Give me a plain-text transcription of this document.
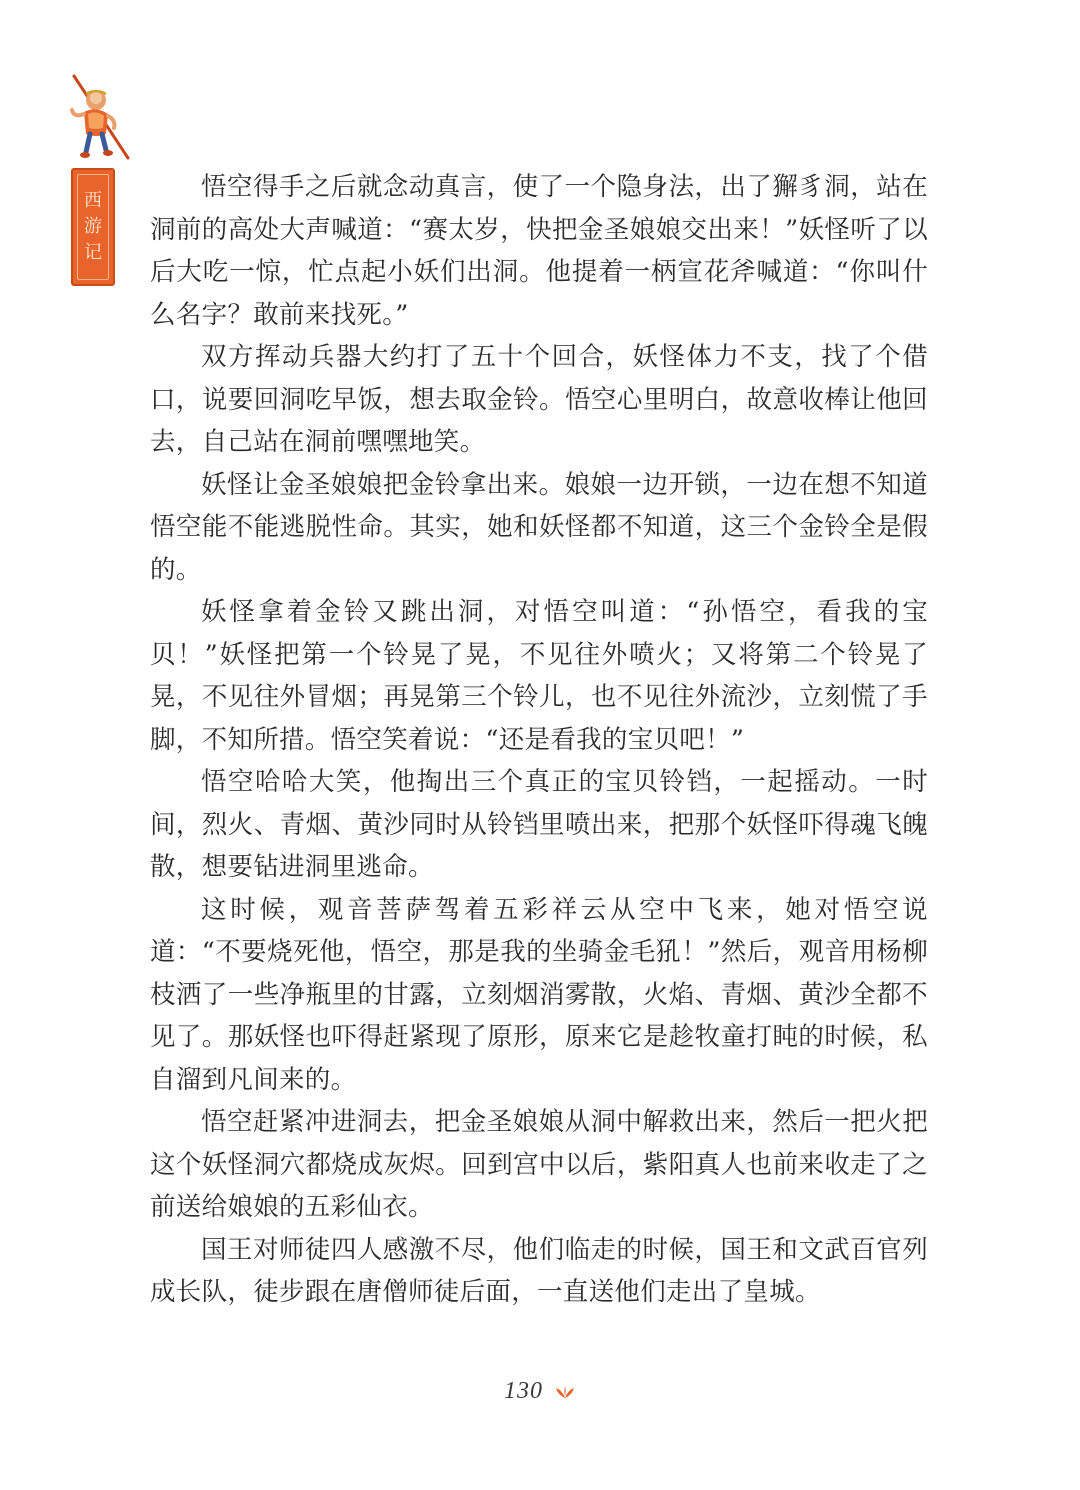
西
游
记

悟空得手之后就念动真言，使了一个隐身法，出了獬豸洞，站在洞前的高处大声喊道：“赛太岁，快把金圣娘娘交出来！”妖怪听了以后大吃一惊，忙点起小妖们出洞。他提着一柄宣花斧喊道：“你叫什么名字？敢前来找死。”

双方挥动兵器大约打了五十个回合，妖怪体力不支，找了个借口，说要回洞吃早饭，想去取金铃。悟空心里明白，故意收棒让他回去，自己站在洞前嘿嘿地笑。

妖怪让金圣娘娘把金铃拿出来。娘娘一边开锁，一边在想不知道悟空能不能逃脱性命。其实，她和妖怪都不知道，这三个金铃全是假的。

妖怪拿着金铃又跳出洞，对悟空叫道：“孙悟空，看我的宝贝！”妖怪把第一个铃晃了晃，不见往外喷火；又将第二个铃晃了晃，不见往外冒烟；再晃第三个铃儿，也不见往外流沙，立刻慌了手脚，不知所措。悟空笑着说：“还是看我的宝贝吧！”

悟空哈哈大笑，他掏出三个真正的宝贝铃铛，一起摇动。一时间，烈火、青烟、黄沙同时从铃铛里喷出来，把那个妖怪吓得魂飞魄散，想要钻进洞里逃命。

这时候，观音菩萨驾着五彩祥云从空中飞来，她对悟空说道：“不要烧死他，悟空，那是我的坐骑金毛犼！”然后，观音用杨柳枝洒了一些净瓶里的甘露，立刻烟消雾散，火焰、青烟、黄沙全都不见了。那妖怪也吓得赶紧现了原形，原来它是趁牧童打盹的时候，私自溜到凡间来的。

悟空赶紧冲进洞去，把金圣娘娘从洞中解救出来，然后一把火把这个妖怪洞穴都烧成灰烬。回到宫中以后，紫阳真人也前来收走了之前送给娘娘的五彩仙衣。

国王对师徒四人感激不尽，他们临走的时候，国王和文武百官列成长队，徒步跟在唐僧师徒后面，一直送他们走出了皇城。

130
